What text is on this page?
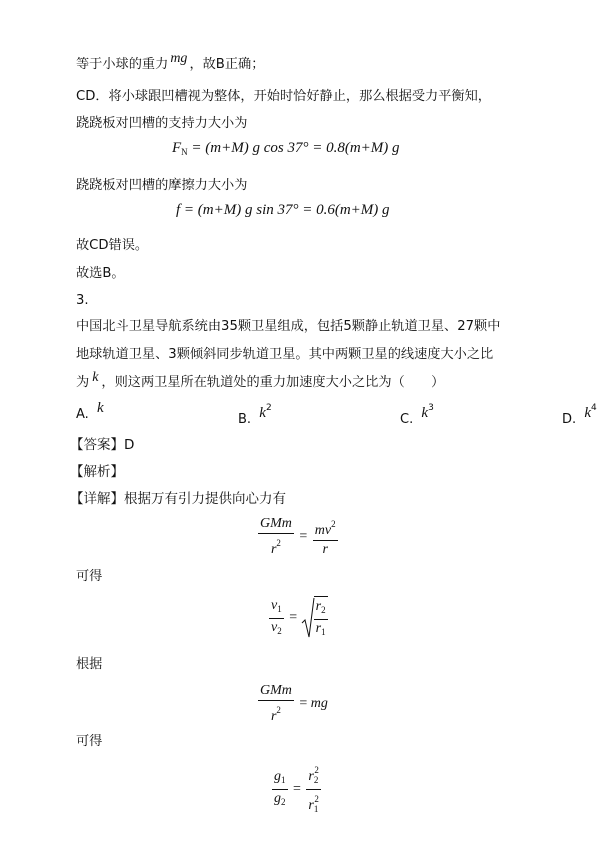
等于小球的重力 mg ，故B正确；
CD．将小球跟凹槽视为整体，开始时恰好静止，那么根据受力平衡知，
跷跷板对凹槽的支持力大小为
$F_N = (m+M)$ g cos 37° = 0.8(m+M) g
跷跷板对凹槽的摩擦力大小为
f = (m+M) g sin 37° = 0.6(m+M) g
故CD错误。
故选B。
3.
中国北斗卫星导航系统由35颗卫星组成，包括5颗静止轨道卫星、27颗中
地球轨道卫星、3颗倾斜同步轨道卫星。其中两颗卫星的线速度大小之比
为 k ，则这两卫星所在轨道处的重力加速度大小之比为（　　）
A. k
B. $k^2$
C. $k^3$
D. $k^4$
【答案】D
【解析】
【详解】根据万有引力提供向心力有
$\frac{\text{GMm}}{r^2} = \frac{mv^2}{r}$
可得
$\frac{v_1}{v_2} = \frac{r_2}{r_1}$
根据
$\frac{\text{GMm}}{r^2}$ = mg
可得
$\frac{g_1}{g_2} = \frac{r_2^2}{r_1^2}$
